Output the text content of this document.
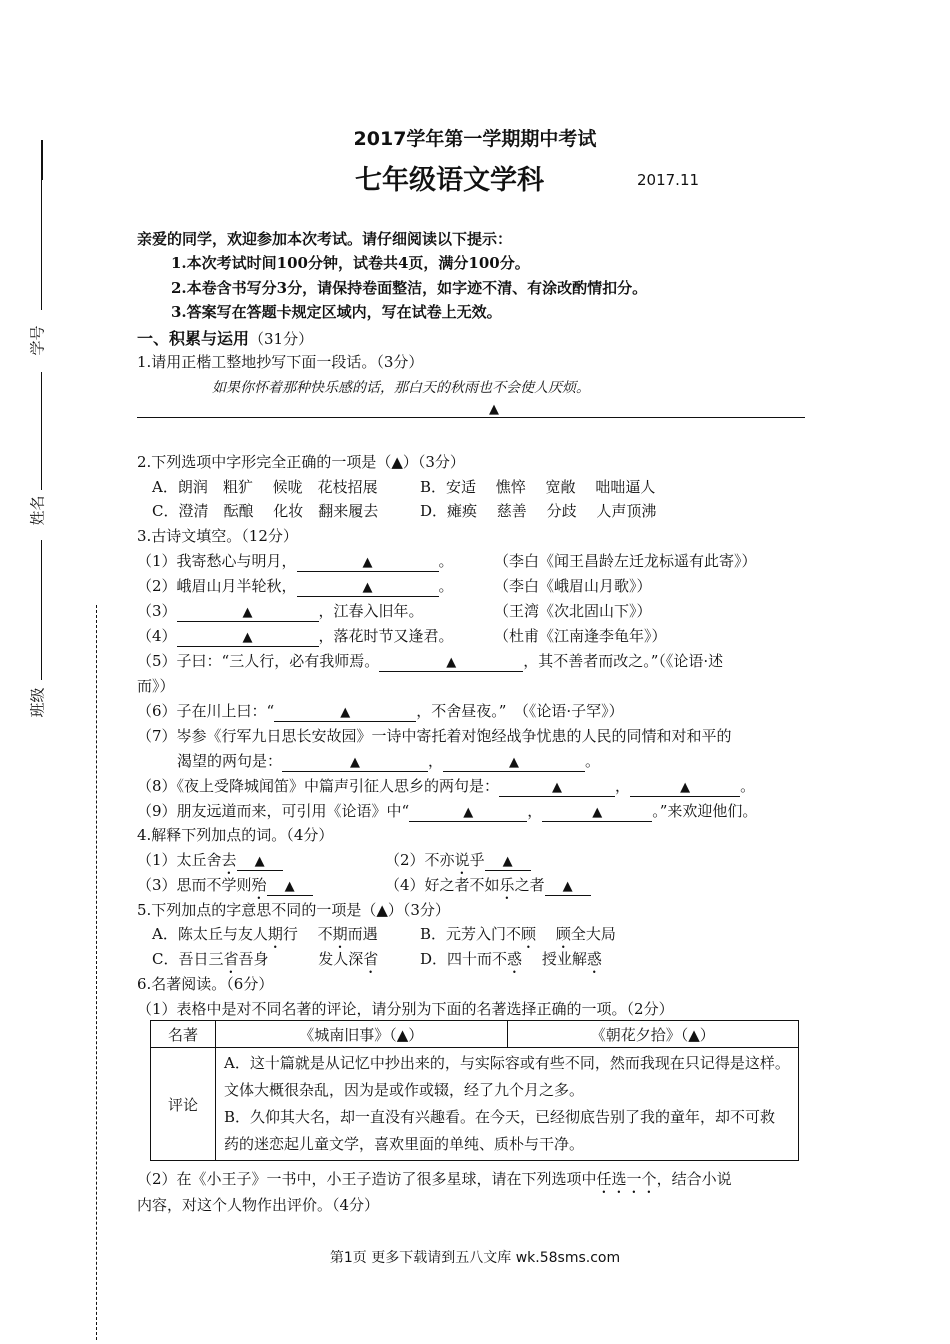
学号
姓名
班级
2017学年第一学期期中考试
七年级语文学科	2017.11
亲爱的同学，欢迎参加本次考试。请仔细阅读以下提示：
1.本次考试时间100分钟，试卷共4页，满分100分。
2.本卷含书写分3分，请保持卷面整洁，如字迹不清、有涂改酌情扣分。
3.答案写在答题卡规定区域内，写在试卷上无效。
一、积累与运用（31分）
1.请用正楷工整地抄写下面一段话。（3分）
如果你怀着那种快乐感的话，那白天的秋雨也不会使人厌烦。
▲
2.下列选项中字形完全正确的一项是（▲）（3分）
A．朗润　粗犷　 候咙　花枝招展	B．安适　 憔悴　 宽敞　 咄咄逼人
C．澄清　酝酿　 化妆　翻来履去	D．瘫痪　 慈善　 分歧　 人声顶沸
3.古诗文填空。（12分）
（1）我寄愁心与明月，	▲	。	（李白《闻王昌龄左迁龙标遥有此寄》）
（2）峨眉山月半轮秋，	▲	。	（李白《峨眉山月歌》）
（3）	▲	，江春入旧年。	（王湾《次北固山下》）
（4）	▲	，落花时节又逢君。	（杜甫《江南逢李龟年》）
（5）子曰：“三人行，必有我师焉。	▲	，其不善者而改之。”（《论语·述
而》）
（6）子在川上曰：“	▲	，不舍昼夜。”　（《论语·子罕》）
（7）岑参《行军九日思长安故园》一诗中寄托着对饱经战争忧患的人民的同情和对和平的
渴望的两句是：	▲	，	▲	。
（8）《夜上受降城闻笛》中篇声引征人思乡的两句是：	▲	，	▲	。
（9）朋友远道而来，可引用《论语》中“	▲	，	▲	。”来欢迎他们。
4.解释下列加点的词。（4分）
（1）太丘舍去 ▲	（2）不亦说乎 ▲
（3）思而不学则殆 ▲	（4）好之者不如乐之者 ▲
5.下列加点的字意思不同的一项是（▲）（3分）
A．陈太丘与友人期行　 不期而遇	B．元芳入门不顾　 顾全大局
C．吾日三省吾身　　　 发人深省	D．四十而不惑　 授业解惑
6.名著阅读。（6分）
（1）表格中是对不同名著的评论，请分别为下面的名著选择正确的一项。（2分）
名著	《城南旧事》（▲）	《朝花夕拾》（▲）
评论	A．这十篇就是从记忆中抄出来的，与实际容或有些不同，然而我现在只记得是这样。文体大概很杂乱，因为是或作或辍，经了九个月之多。
B．久仰其大名，却一直没有兴趣看。在今天，已经彻底告别了我的童年，却不可救药的迷恋起儿童文学，喜欢里面的单纯、质朴与干净。	
（2）在《小王子》一书中，小王子造访了很多星球，请在下列选项中任选一个，结合小说
内容，对这个人物作出评价。（4分）
第1页 更多下载请到五八文库 wk.58sms.com
